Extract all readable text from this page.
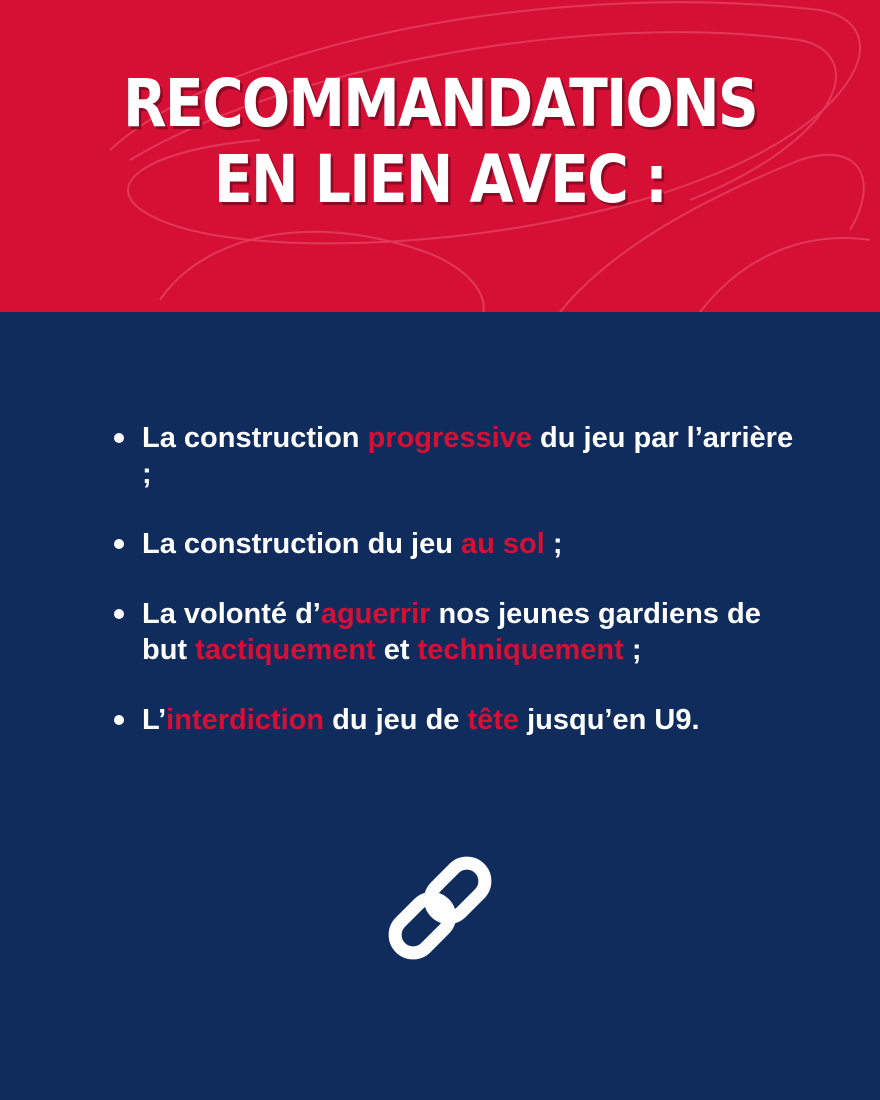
RECOMMANDATIONS
EN LIEN AVEC :
La construction progressive du jeu par l’arrière ;
La construction du jeu au sol ;
La volonté d’aguerrir nos jeunes gardiens de but tactiquement et techniquement ;
L’interdiction du jeu de tête jusqu’en U9.
